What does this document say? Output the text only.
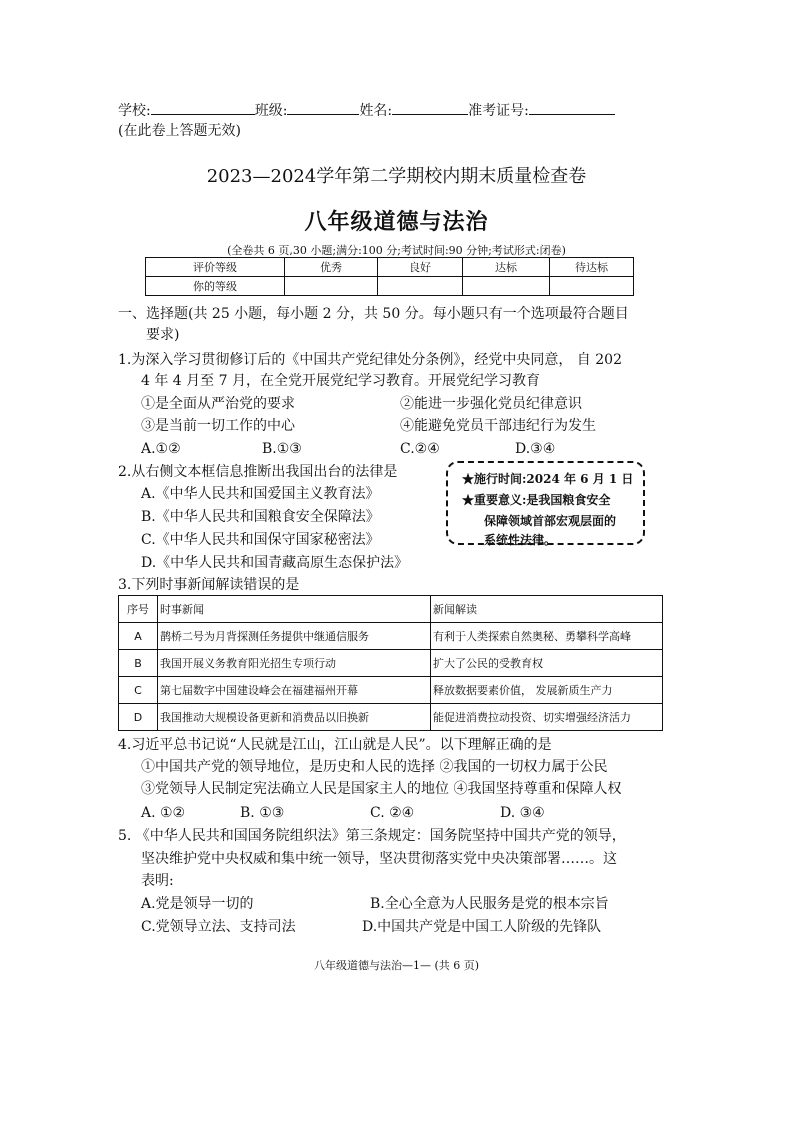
学校:	班级:	姓名:	准考证号:
(在此卷上答题无效)
2023—2024学年第二学期校内期末质量检查卷
八年级道德与法治
(全卷共 6 页,30 小题;满分:100 分;考试时间:90 分钟;考试形式:闭卷)
评价等级	优秀	良好	达标	待达标
你的等级				
一、选择题(共 25 小题，每小题 2 分，共 50 分。每小题只有一个选项最符合题目
要求)
1.为深入学习贯彻修订后的《中国共产党纪律处分条例》，经党中央同意， 自 202
4 年 4 月至 7 月，在全党开展党纪学习教育。开展党纪学习教育
①是全面从严治党的要求	②能进一步强化党员纪律意识
③是当前一切工作的中心	④能避免党员干部违纪行为发生
A.①②	B.①③	C.②④	D.③④
2.从右侧文本框信息推断出我国出台的法律是
A.《中华人民共和国爱国主义教育法》
B.《中华人民共和国粮食安全保障法》
C.《中华人民共和国保守国家秘密法》
D.《中华人民共和国青藏高原生态保护法》
★施行时间:2024 年 6 月 1 日
★重要意义:是我国粮食安全
保障领域首部宏观层面的
系统性法律。
3.下列时事新闻解读错误的是
序号	时事新闻	新闻解读
A	鹊桥二号为月背探测任务提供中继通信服务	有利于人类探索自然奥秘、勇攀科学高峰
B	我国开展义务教育阳光招生专项行动	扩大了公民的受教育权
C	第七届数字中国建设峰会在福建福州开幕	释放数据要素价值， 发展新质生产力
D	我国推动大规模设备更新和消费品以旧换新	能促进消费拉动投资、切实增强经济活力
4.习近平总书记说“人民就是江山，江山就是人民”。以下理解正确的是
①中国共产党的领导地位，是历史和人民的选择 ②我国的一切权力属于公民
③党领导人民制定宪法确立人民是国家主人的地位 ④我国坚持尊重和保障人权
A. ①②	B. ①③	C. ②④	D. ③④
5. 《中华人民共和国国务院组织法》第三条规定：国务院坚持中国共产党的领导，
坚决维护党中央权威和集中统一领导，坚决贯彻落实党中央决策部署……。这
表明:
A.党是领导一切的	B.全心全意为人民服务是党的根本宗旨
C.党领导立法、支持司法	D.中国共产党是中国工人阶级的先锋队
八年级道德与法治—1— (共 6 页)
